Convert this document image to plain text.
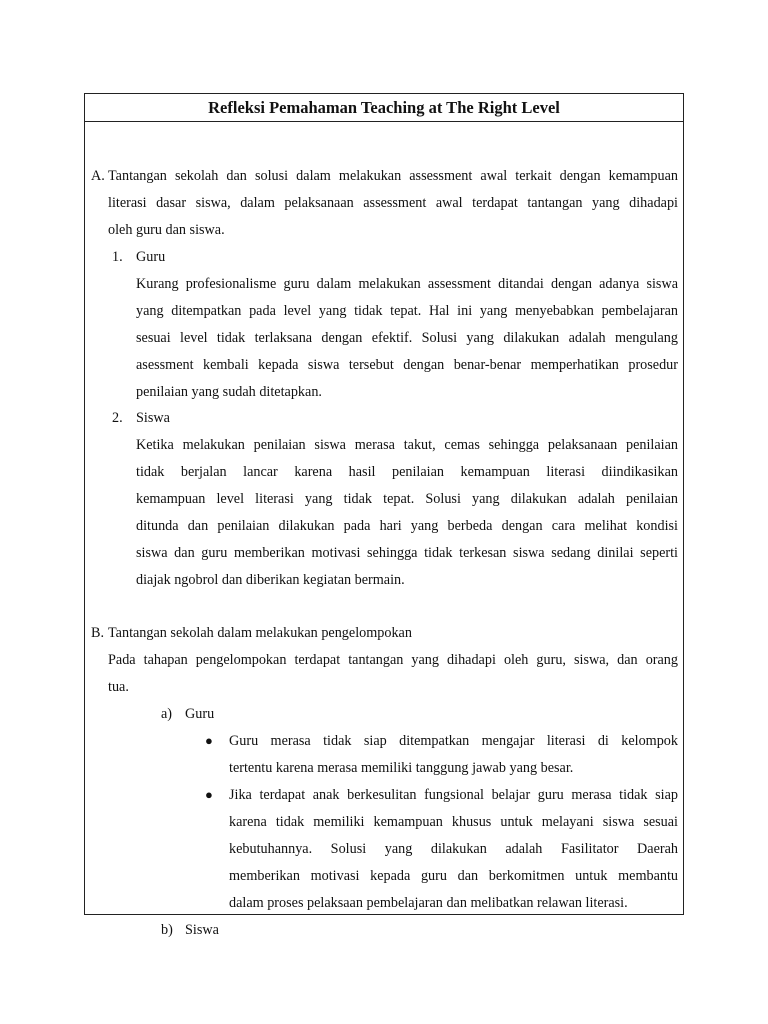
Refleksi Pemahaman Teaching at The Right Level
A. Tantangan sekolah dan solusi dalam melakukan assessment awal terkait dengan kemampuan
literasi dasar siswa, dalam pelaksanaan assessment awal terdapat tantangan yang dihadapi
oleh guru dan siswa.
1. Guru
Kurang profesionalisme guru dalam melakukan assessment ditandai dengan adanya siswa
yang ditempatkan pada level yang tidak tepat. Hal ini yang menyebabkan pembelajaran
sesuai level tidak terlaksana dengan efektif. Solusi yang dilakukan adalah mengulang
asessment kembali kepada siswa tersebut dengan benar-benar memperhatikan prosedur
penilaian yang sudah ditetapkan.
2. Siswa
Ketika melakukan penilaian siswa merasa takut, cemas sehingga pelaksanaan penilaian
tidak berjalan lancar karena hasil penilaian kemampuan literasi diindikasikan
kemampuan level literasi yang tidak tepat. Solusi yang dilakukan adalah penilaian
ditunda dan penilaian dilakukan pada hari yang berbeda dengan cara melihat kondisi
siswa dan guru memberikan motivasi sehingga tidak terkesan siswa sedang dinilai seperti
diajak ngobrol dan diberikan kegiatan bermain.
B. Tantangan sekolah dalam melakukan pengelompokan
Pada tahapan pengelompokan terdapat tantangan yang dihadapi oleh guru, siswa, dan orang
tua.
a) Guru
● Guru merasa tidak siap ditempatkan mengajar literasi di kelompok
tertentu karena merasa memiliki tanggung jawab yang besar.
● Jika terdapat anak berkesulitan fungsional belajar guru merasa tidak siap
karena tidak memiliki kemampuan khusus untuk melayani siswa sesuai
kebutuhannya. Solusi yang dilakukan adalah Fasilitator Daerah
memberikan motivasi kepada guru dan berkomitmen untuk membantu
dalam proses pelaksaan pembelajaran dan melibatkan relawan literasi.
b) Siswa
